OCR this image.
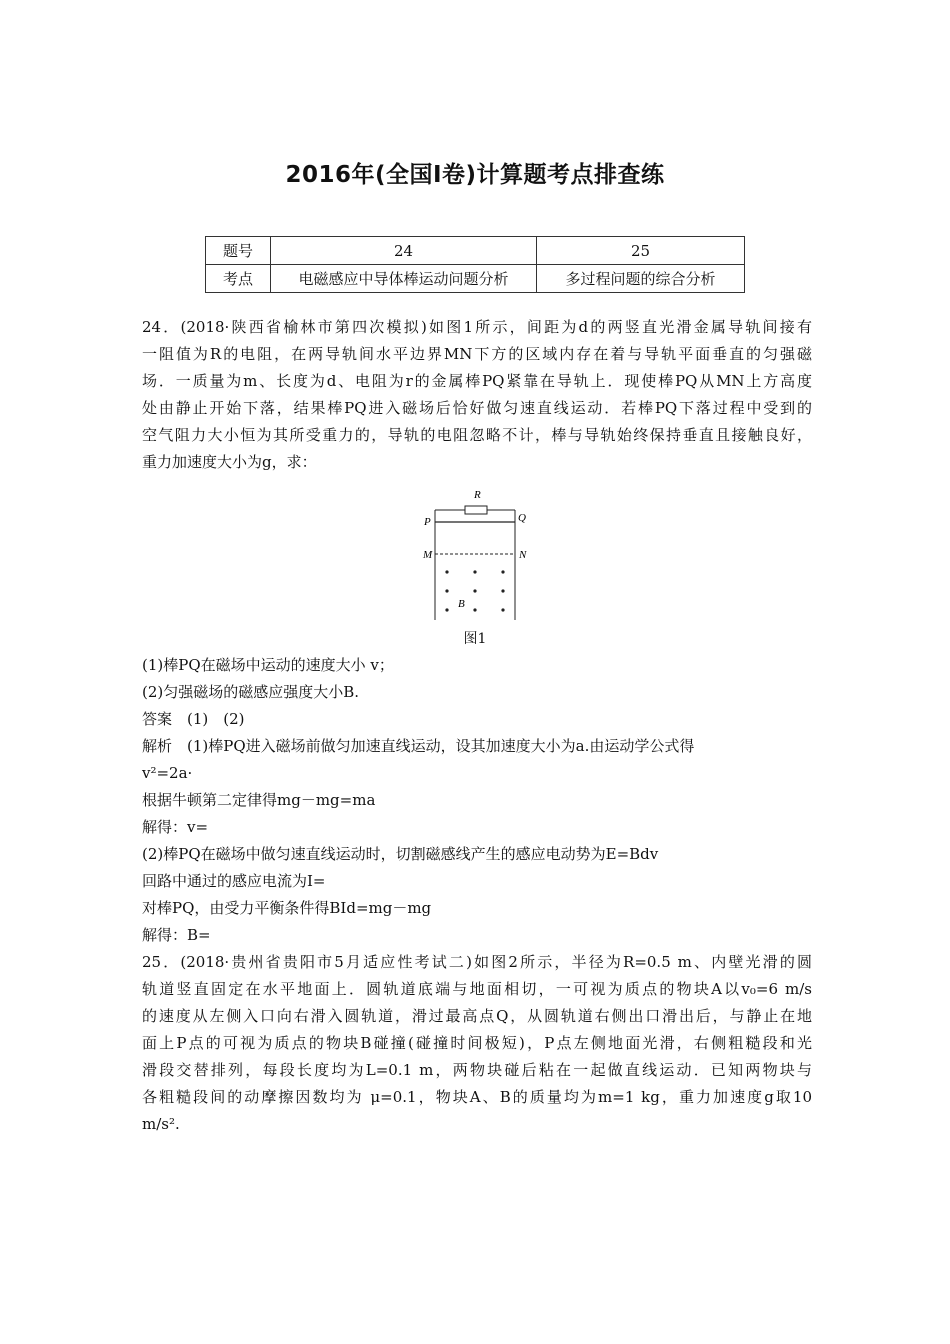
2016年(全国Ⅰ卷)计算题考点排查练
题号	24	25
考点	电磁感应中导体棒运动问题分析	多过程问题的综合分析
24．(2018·陕西省榆林市第四次模拟)如图1所示，间距为d的两竖直光滑金属导轨间接有
一阻值为R的电阻，在两导轨间水平边界MN下方的区域内存在着与导轨平面垂直的匀强磁
场．一质量为m、长度为d、电阻为r的金属棒PQ紧靠在导轨上．现使棒PQ从MN上方高度
处由静止开始下落，结果棒PQ进入磁场后恰好做匀速直线运动．若棒PQ下落过程中受到的
空气阻力大小恒为其所受重力的，导轨的电阻忽略不计，棒与导轨始终保持垂直且接触良好，
重力加速度大小为g，求：
R
P	Q
M	N
B
图1
(1)棒PQ在磁场中运动的速度大小 v；
(2)匀强磁场的磁感应强度大小B.
答案　(1)　(2)
解析　(1)棒PQ进入磁场前做匀加速直线运动，设其加速度大小为a.由运动学公式得
v²=2a·
根据牛顿第二定律得mg－mg=ma
解得：v=
(2)棒PQ在磁场中做匀速直线运动时，切割磁感线产生的感应电动势为E=Bdv
回路中通过的感应电流为I=
对棒PQ，由受力平衡条件得BId=mg－mg
解得：B=
25．(2018·贵州省贵阳市5月适应性考试二)如图2所示，半径为R=0.5 m、内壁光滑的圆
轨道竖直固定在水平地面上．圆轨道底端与地面相切，一可视为质点的物块A以v₀=6 m/s
的速度从左侧入口向右滑入圆轨道，滑过最高点Q，从圆轨道右侧出口滑出后，与静止在地
面上P点的可视为质点的物块B碰撞(碰撞时间极短)，P点左侧地面光滑，右侧粗糙段和光
滑段交替排列，每段长度均为L=0.1 m，两物块碰后粘在一起做直线运动．已知两物块与
各粗糙段间的动摩擦因数均为 μ=0.1，物块A、B的质量均为m=1 kg，重力加速度g取10
m/s².
